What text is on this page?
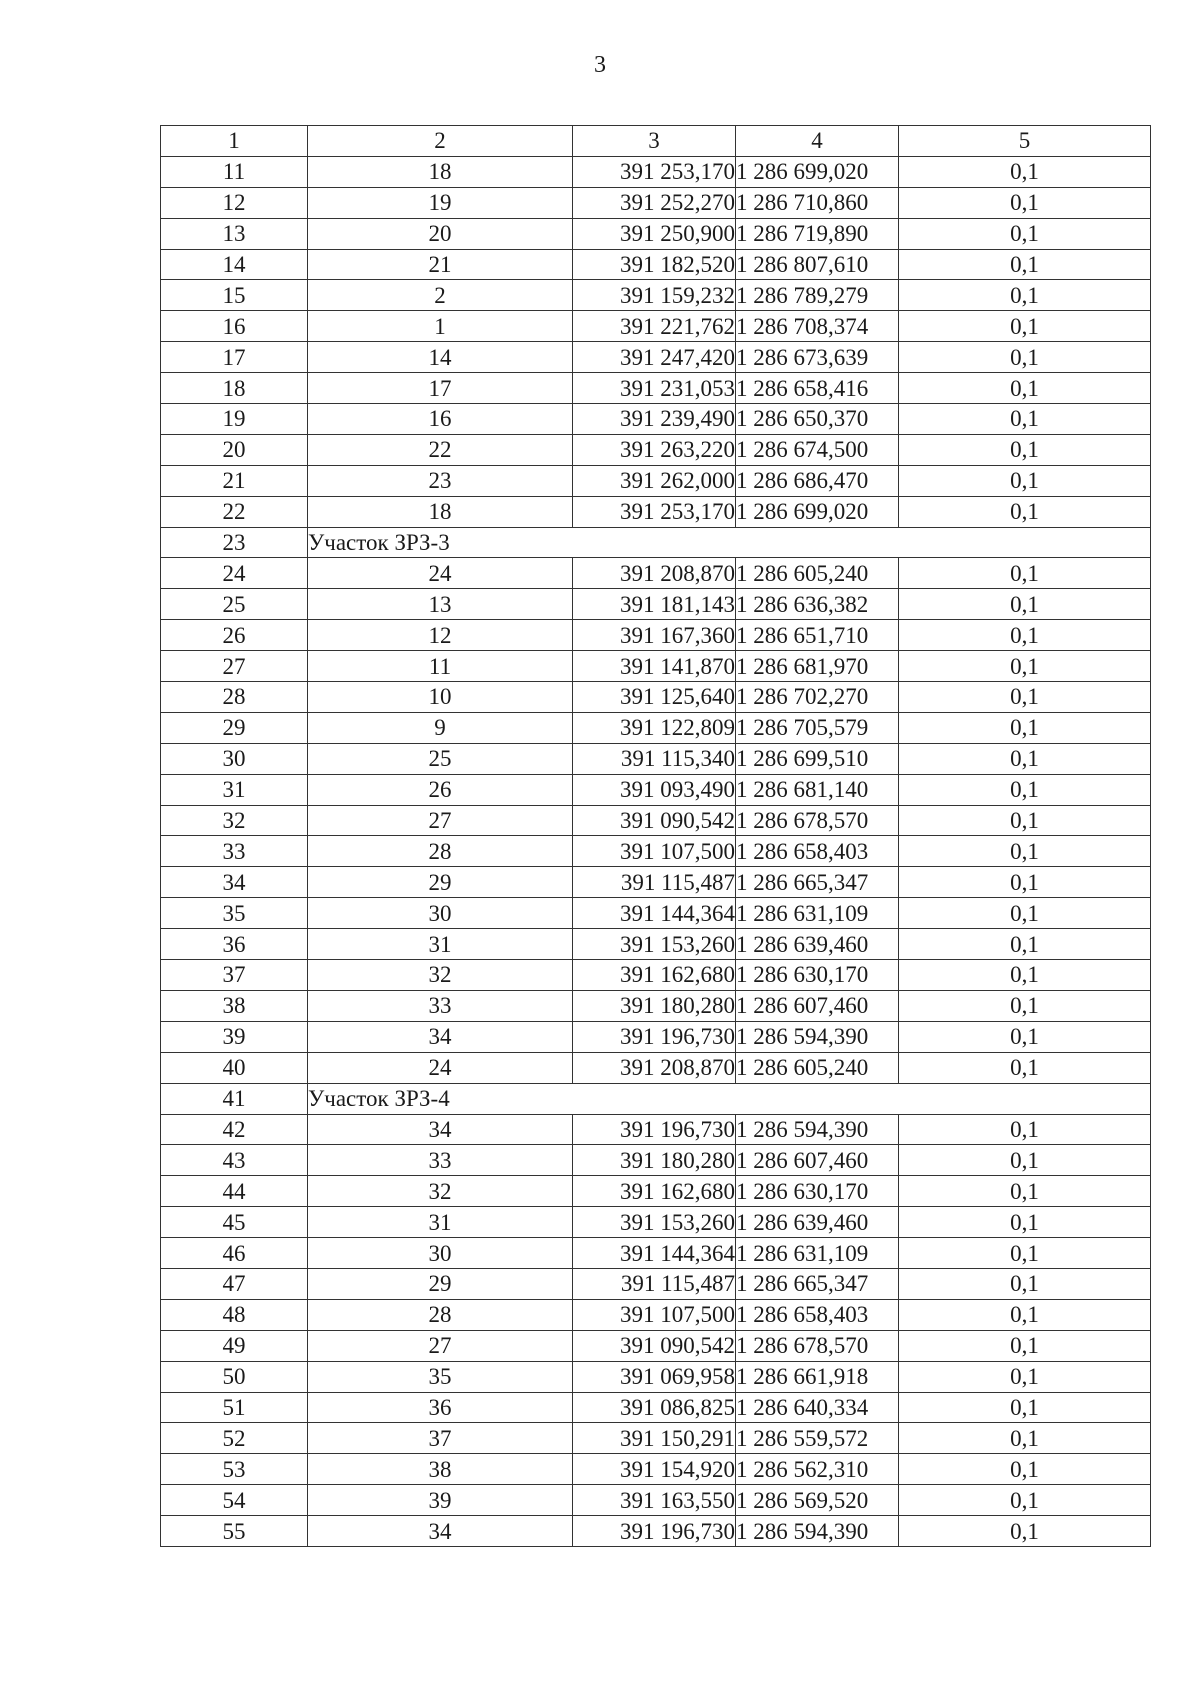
3
1	2	3	4	5
11	18	391 253,170	1 286 699,020	0,1
12	19	391 252,270	1 286 710,860	0,1
13	20	391 250,900	1 286 719,890	0,1
14	21	391 182,520	1 286 807,610	0,1
15	2	391 159,232	1 286 789,279	0,1
16	1	391 221,762	1 286 708,374	0,1
17	14	391 247,420	1 286 673,639	0,1
18	17	391 231,053	1 286 658,416	0,1
19	16	391 239,490	1 286 650,370	0,1
20	22	391 263,220	1 286 674,500	0,1
21	23	391 262,000	1 286 686,470	0,1
22	18	391 253,170	1 286 699,020	0,1
23	Участок ЗРЗ-3			
24	24	391 208,870	1 286 605,240	0,1
25	13	391 181,143	1 286 636,382	0,1
26	12	391 167,360	1 286 651,710	0,1
27	11	391 141,870	1 286 681,970	0,1
28	10	391 125,640	1 286 702,270	0,1
29	9	391 122,809	1 286 705,579	0,1
30	25	391 115,340	1 286 699,510	0,1
31	26	391 093,490	1 286 681,140	0,1
32	27	391 090,542	1 286 678,570	0,1
33	28	391 107,500	1 286 658,403	0,1
34	29	391 115,487	1 286 665,347	0,1
35	30	391 144,364	1 286 631,109	0,1
36	31	391 153,260	1 286 639,460	0,1
37	32	391 162,680	1 286 630,170	0,1
38	33	391 180,280	1 286 607,460	0,1
39	34	391 196,730	1 286 594,390	0,1
40	24	391 208,870	1 286 605,240	0,1
41	Участок ЗРЗ-4			
42	34	391 196,730	1 286 594,390	0,1
43	33	391 180,280	1 286 607,460	0,1
44	32	391 162,680	1 286 630,170	0,1
45	31	391 153,260	1 286 639,460	0,1
46	30	391 144,364	1 286 631,109	0,1
47	29	391 115,487	1 286 665,347	0,1
48	28	391 107,500	1 286 658,403	0,1
49	27	391 090,542	1 286 678,570	0,1
50	35	391 069,958	1 286 661,918	0,1
51	36	391 086,825	1 286 640,334	0,1
52	37	391 150,291	1 286 559,572	0,1
53	38	391 154,920	1 286 562,310	0,1
54	39	391 163,550	1 286 569,520	0,1
55	34	391 196,730	1 286 594,390	0,1
